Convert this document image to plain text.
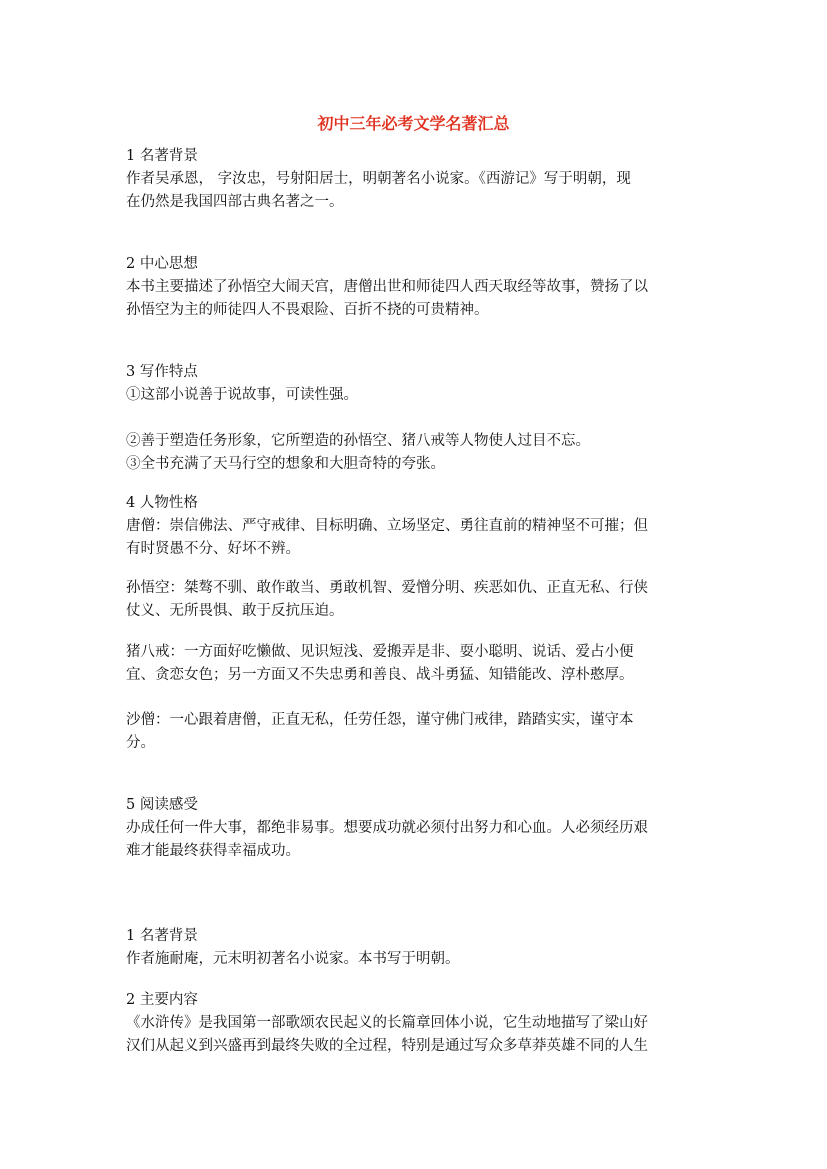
初中三年必考文学名著汇总

1 名著背景

作者吴承恩， 字汝忠，号射阳居士，明朝著名小说家。《西游记》写于明朝，现

在仍然是我国四部古典名著之一。

2 中心思想

本书主要描述了孙悟空大闹天宫，唐僧出世和师徒四人西天取经等故事，赞扬了以

孙悟空为主的师徒四人不畏艰险、百折不挠的可贵精神。

3 写作特点

①这部小说善于说故事，可读性强。

②善于塑造任务形象，它所塑造的孙悟空、猪八戒等人物使人过目不忘。

③全书充满了天马行空的想象和大胆奇特的夸张。

4 人物性格

唐僧：崇信佛法、严守戒律、目标明确、立场坚定、勇往直前的精神坚不可摧；但

有时贤愚不分、好坏不辨。

孙悟空：桀骜不驯、敢作敢当、勇敢机智、爱憎分明、疾恶如仇、正直无私、行侠

仗义、无所畏惧、敢于反抗压迫。

猪八戒：一方面好吃懒做、见识短浅、爱搬弄是非、耍小聪明、说话、爱占小便

宜、贪恋女色；另一方面又不失忠勇和善良、战斗勇猛、知错能改、淳朴憨厚。

沙僧：一心跟着唐僧，正直无私，任劳任怨，谨守佛门戒律，踏踏实实，谨守本

分。

5 阅读感受

办成任何一件大事，都绝非易事。想要成功就必须付出努力和心血。人必须经历艰

难才能最终获得幸福成功。

1 名著背景

作者施耐庵，元末明初著名小说家。本书写于明朝。

2 主要内容

《水浒传》是我国第一部歌颂农民起义的长篇章回体小说，它生动地描写了梁山好

汉们从起义到兴盛再到最终失败的全过程，特别是通过写众多草莽英雄不同的人生
